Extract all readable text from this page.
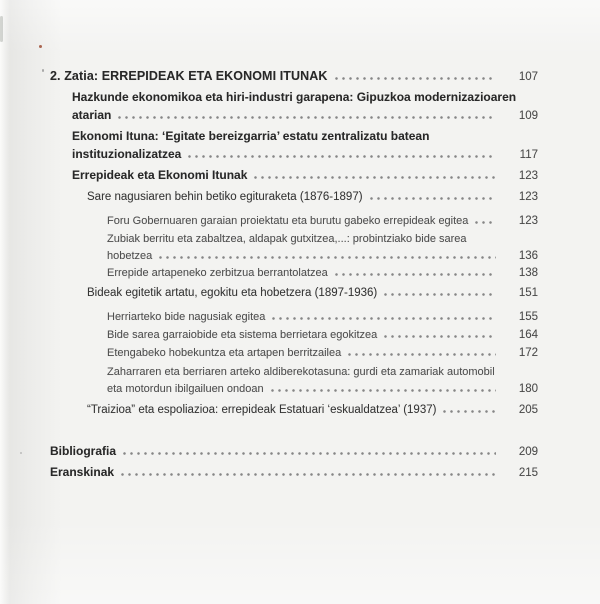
2. Zatia: ERREPIDEAK ETA EKONOMI ITUNAK	107
Hazkunde ekonomikoa eta hiri-industri garapena: Gipuzkoa modernizazioaren
atarian	109
Ekonomi Ituna: ‘Egitate bereizgarria’ estatu zentralizatu batean
instituzionalizatzea	117
Errepideak eta Ekonomi Itunak	123
Sare nagusiaren behin betiko egituraketa (1876-1897)	123
Foru Gobernuaren garaian proiektatu eta burutu gabeko errepideak egitea	123
Zubiak berritu eta zabaltzea, aldapak gutxitzea,...: probintziako bide sarea
hobetzea	136
Errepide artapeneko zerbitzua berrantolatzea	138
Bideak egitetik artatu, egokitu eta hobetzera (1897-1936)	151
Herriarteko bide nagusiak egitea	155
Bide sarea garraiobide eta sistema berrietara egokitzea	164
Etengabeko hobekuntza eta artapen berritzailea	172
Zaharraren eta berriaren arteko aldiberekotasuna: gurdi eta zamariak automobil
eta motordun ibilgailuen ondoan	180
“Traizioa” eta espoliazioa: errepideak Estatuari ‘eskualdatzea’ (1937)	205
Bibliografia	209
Eranskinak	215
